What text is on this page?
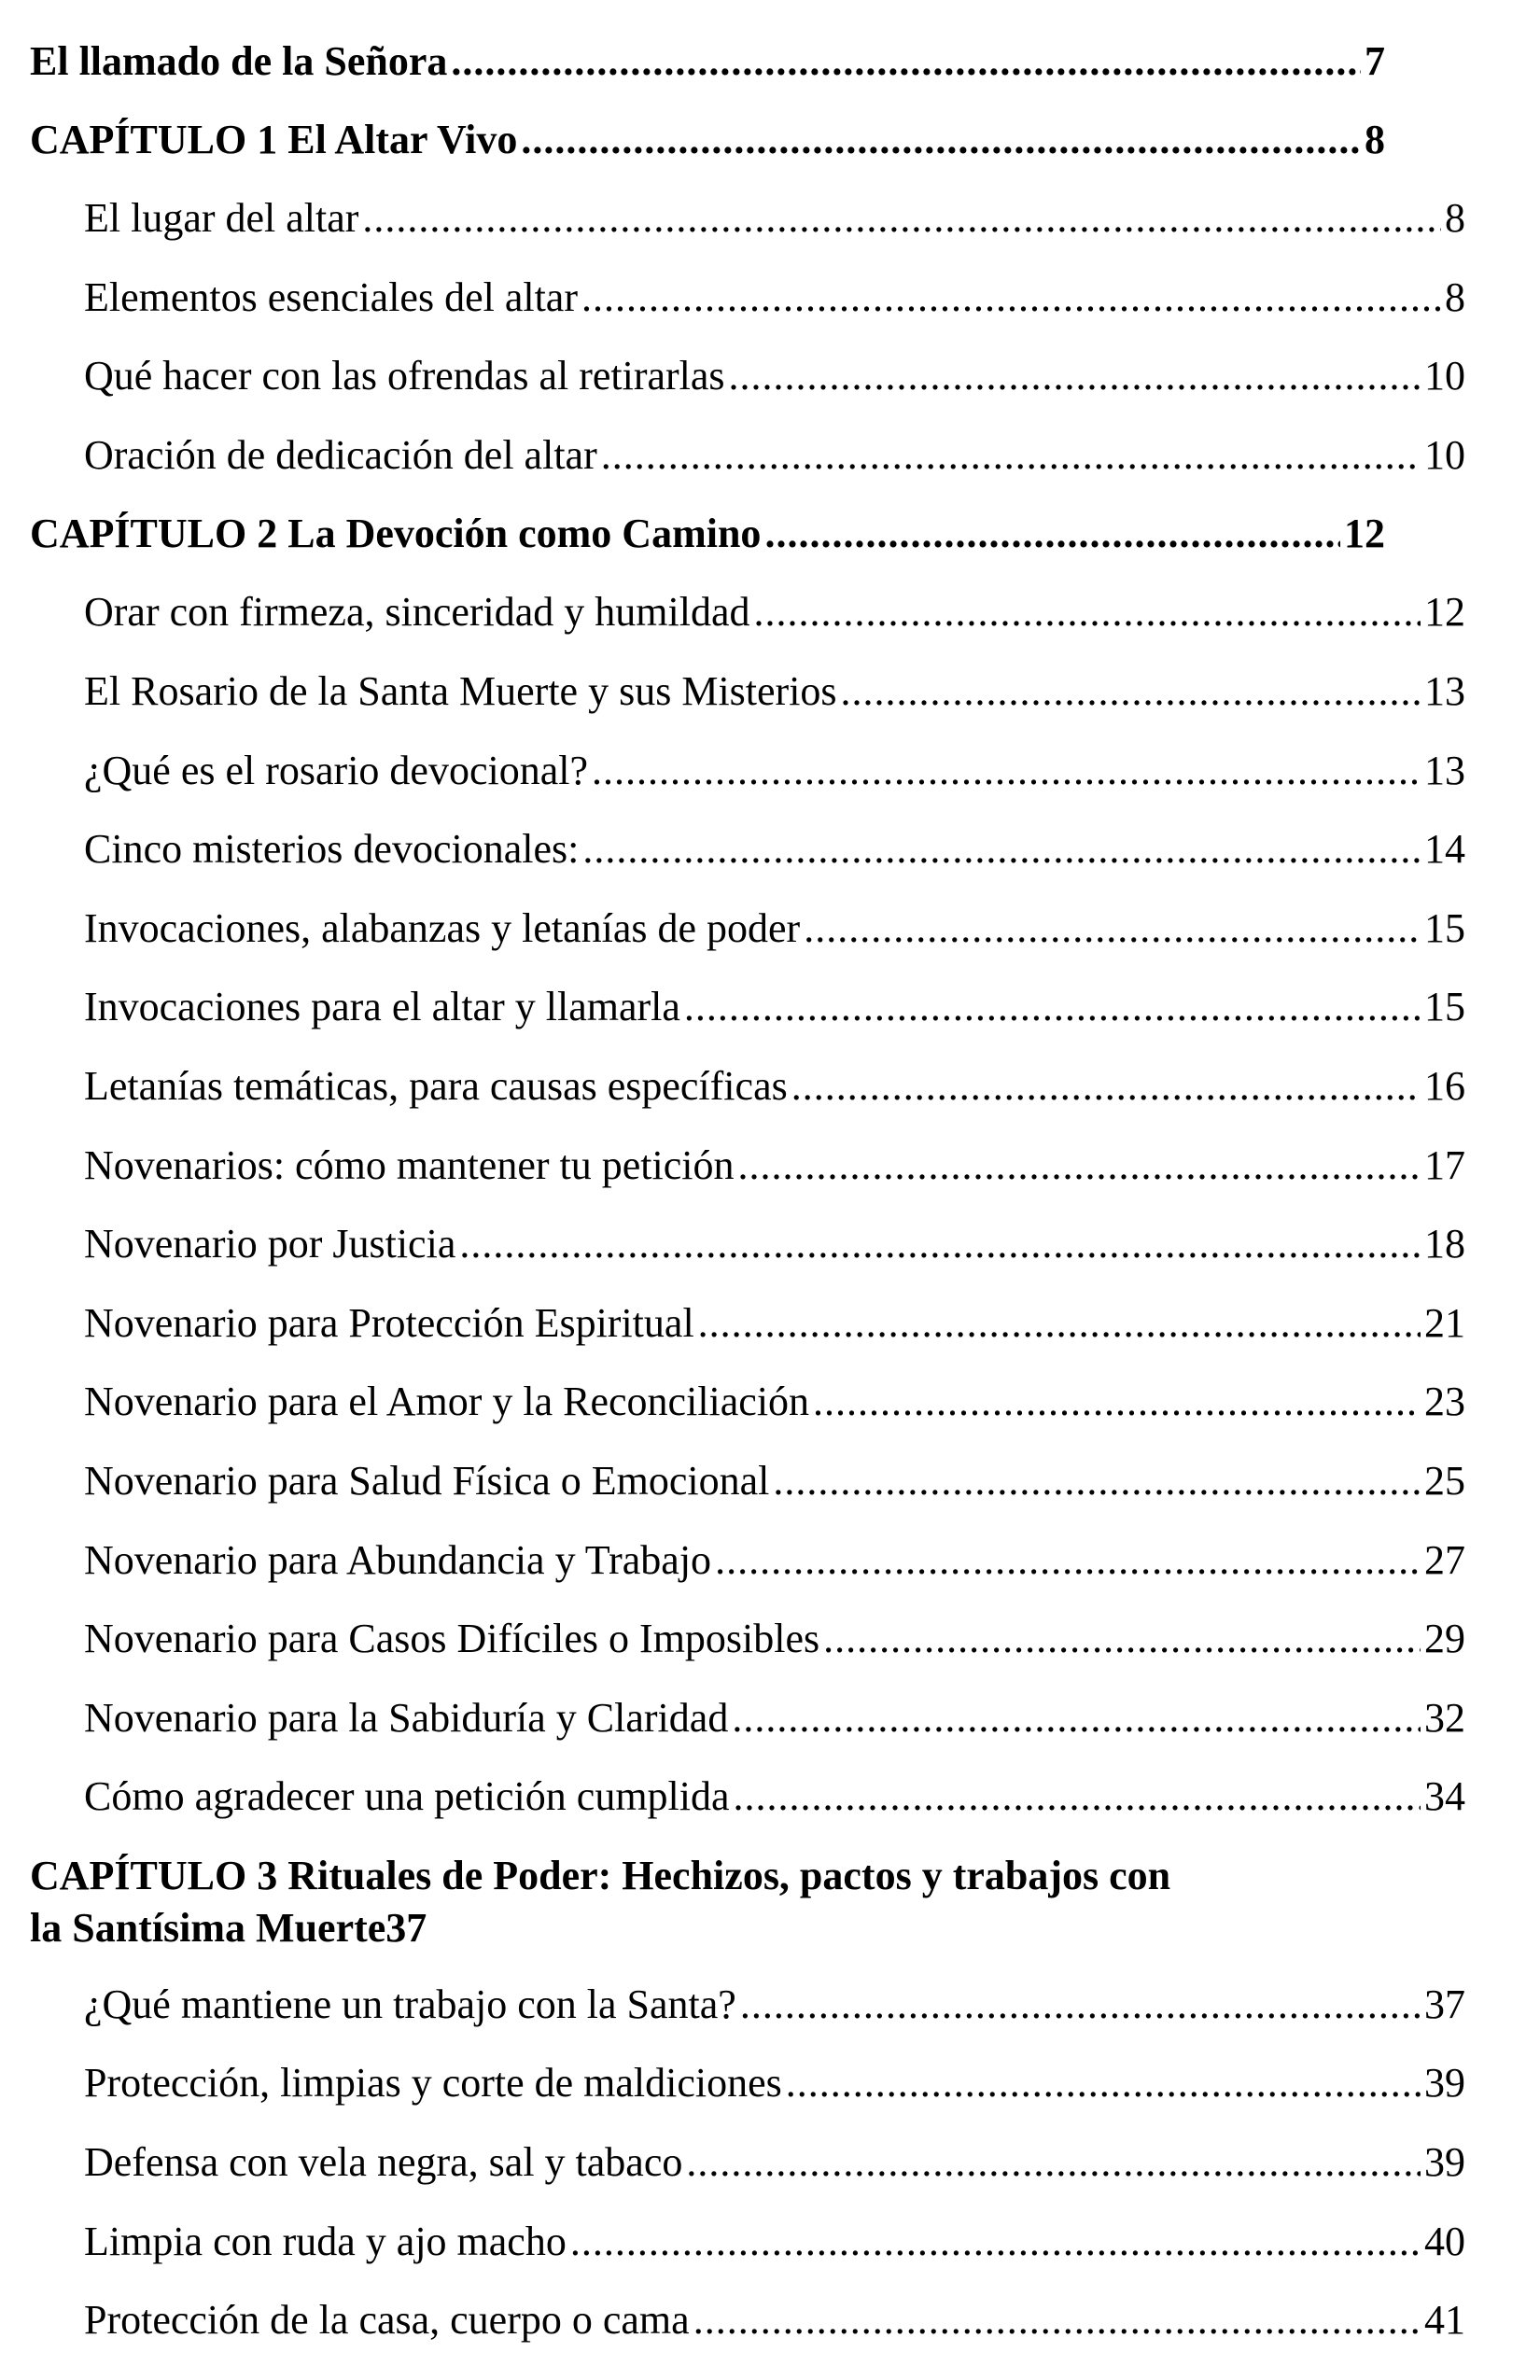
El llamado de la Señora .....	7
CAPÍTULO 1 El Altar Vivo .....	8
El lugar del altar .....	8
Elementos esenciales del altar .....	8
Qué hacer con las ofrendas al retirarlas .....	10
Oración de dedicación del altar .....	10
CAPÍTULO 2 La Devoción como Camino .....	12
Orar con firmeza, sinceridad y humildad .....	12
El Rosario de la Santa Muerte y sus Misterios .....	13
¿Qué es el rosario devocional? .....	13
Cinco misterios devocionales: .....	14
Invocaciones, alabanzas y letanías de poder .....	15
Invocaciones para el altar y llamarla .....	15
Letanías temáticas, para causas específicas .....	16
Novenarios: cómo mantener tu petición .....	17
Novenario por Justicia .....	18
Novenario para Protección Espiritual .....	21
Novenario para el Amor y la Reconciliación .....	23
Novenario para Salud Física o Emocional .....	25
Novenario para Abundancia y Trabajo .....	27
Novenario para Casos Difíciles o Imposibles .....	29
Novenario para la Sabiduría y Claridad .....	32
Cómo agradecer una petición cumplida .....	34
CAPÍTULO 3 Rituales de Poder: Hechizos, pactos y trabajos con
la Santísima Muerte 37
¿Qué mantiene un trabajo con la Santa? .....	37
Protección, limpias y corte de maldiciones .....	39
Defensa con vela negra, sal y tabaco .....	39
Limpia con ruda y ajo macho .....	40
Protección de la casa, cuerpo o cama .....	41
